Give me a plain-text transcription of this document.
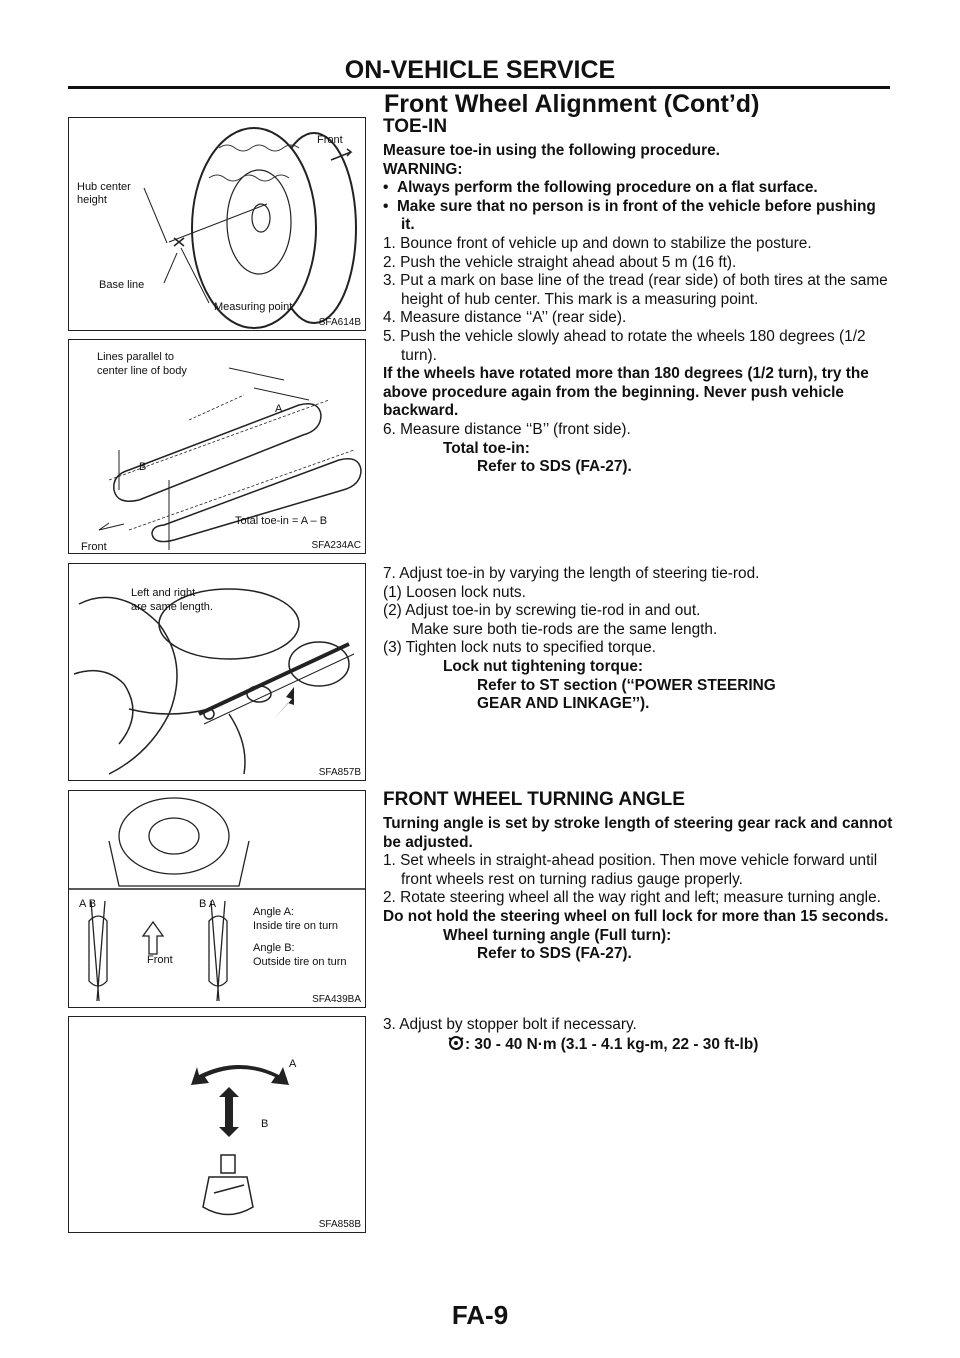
ON-VEHICLE SERVICE
Front Wheel Alignment (Cont’d)
Front
Hub center
height
Base line
Measuring point
SFA614B
Lines parallel to
center line of body
A
B
Total toe-in = A – B
Front	SFA234AC
Left and right
are same length.
SFA857B
A B	B A
Front
Angle A:
Inside tire on turn
Angle B:
Outside tire on turn
SFA439BA
A
B
SFA858B

TOE-IN

Measure toe-in using the following procedure.

WARNING:

•  Always perform the following procedure on a flat surface.

•  Make sure that no person is in front of the vehicle before pushing it.

1. Bounce front of vehicle up and down to stabilize the posture.

2. Push the vehicle straight ahead about 5 m (16 ft).

3. Put a mark on base line of the tread (rear side) of both tires at the same height of hub center. This mark is a measuring point.

4. Measure distance ‘‘A’’ (rear side).

5. Push the vehicle slowly ahead to rotate the wheels 180 degrees (1/2 turn).

If the wheels have rotated more than 180 degrees (1/2 turn), try the above procedure again from the beginning. Never push vehicle backward.

6. Measure distance ‘‘B’’ (front side).

Total toe-in:

Refer to SDS (FA-27).

7. Adjust toe-in by varying the length of steering tie-rod.

(1) Loosen lock nuts.

(2) Adjust toe-in by screwing tie-rod in and out.

Make sure both tie-rods are the same length.

(3) Tighten lock nuts to specified torque.

Lock nut tightening torque:

Refer to ST section (‘‘POWER STEERING GEAR AND LINKAGE’’).

FRONT WHEEL TURNING ANGLE

Turning angle is set by stroke length of steering gear rack and cannot be adjusted.

1. Set wheels in straight-ahead position. Then move vehicle forward until front wheels rest on turning radius gauge properly.

2. Rotate steering wheel all the way right and left; measure turning angle.

Do not hold the steering wheel on full lock for more than 15 seconds.

Wheel turning angle (Full turn):

Refer to SDS (FA-27).

3. Adjust by stopper bolt if necessary.

: 30 - 40 N·m (3.1 - 4.1 kg-m, 22 - 30 ft-lb)

FA-9
